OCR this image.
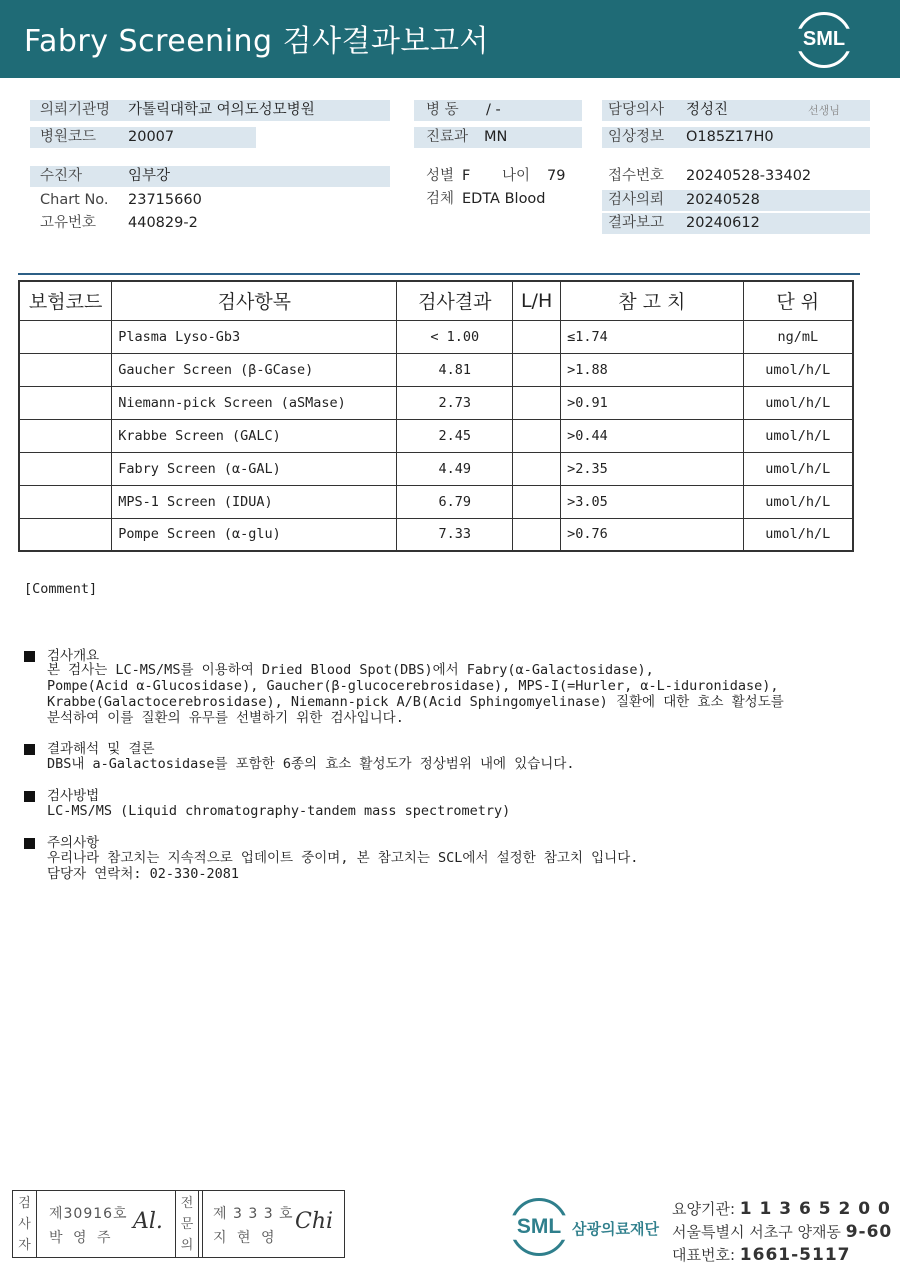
Fabry Screening 검사결과보고서	SML
의뢰기관명 가톨릭대학교 여의도성모병원
병원코드 20007
병 동 / -
진료과 MN
담당의사 정성진	선생님
임상정보 O185Z17H0
수진자	임부강
Chart No. 23715660
고유번호 440829-2
성별 F 나이 79
검체 EDTA Blood
접수번호 20240528-33402
검사의뢰 20240528
결과보고 20240612
보험코드	검사항목	검사결과	L/H	참 고 치	단 위
	Plasma Lyso-Gb3	< 1.00		≤1.74	ng/mL
	Gaucher Screen (β-GCase)	4.81		>1.88	umol/h/L
	Niemann-pick Screen (aSMase)	2.73		>0.91	umol/h/L
	Krabbe Screen (GALC)	2.45		>0.44	umol/h/L
	Fabry Screen (α-GAL)	4.49		>2.35	umol/h/L
	MPS-1 Screen (IDUA)	6.79		>3.05	umol/h/L
	Pompe Screen (α-glu)	7.33		>0.76	umol/h/L
[Comment]
검사개요
본 검사는 LC-MS/MS를 이용하여 Dried Blood Spot(DBS)에서 Fabry(α-Galactosidase),
Pompe(Acid α-Glucosidase), Gaucher(β-glucocerebrosidase), MPS-I(=Hurler, α-L-iduronidase),
Krabbe(Galactocerebrosidase), Niemann-pick A/B(Acid Sphingomyelinase) 질환에 대한 효소 활성도를
분석하여 이를 질환의 유무를 선별하기 위한 검사입니다.
결과해석 및 결론
DBS내 a-Galactosidase를 포함한 6종의 효소 활성도가 정상범위 내에 있습니다.
검사방법
LC-MS/MS (Liquid chromatography-tandem mass spectrometry)
주의사항
우리나라 참고치는 지속적으로 업데이트 중이며, 본 참고치는 SCL에서 설정한 참고치 입니다.
담당자 연락처: 02-330-2081
검
사
자
제30916호
박 영 주
Al.
전
문
의
제 3 3 3 호
지 현 영
Chi	SML 삼광의료재단
요양기관: 1 1 3 6 5 2 0 0
서울특별시 서초구 양재동 9-60
대표번호: 1661-5117
